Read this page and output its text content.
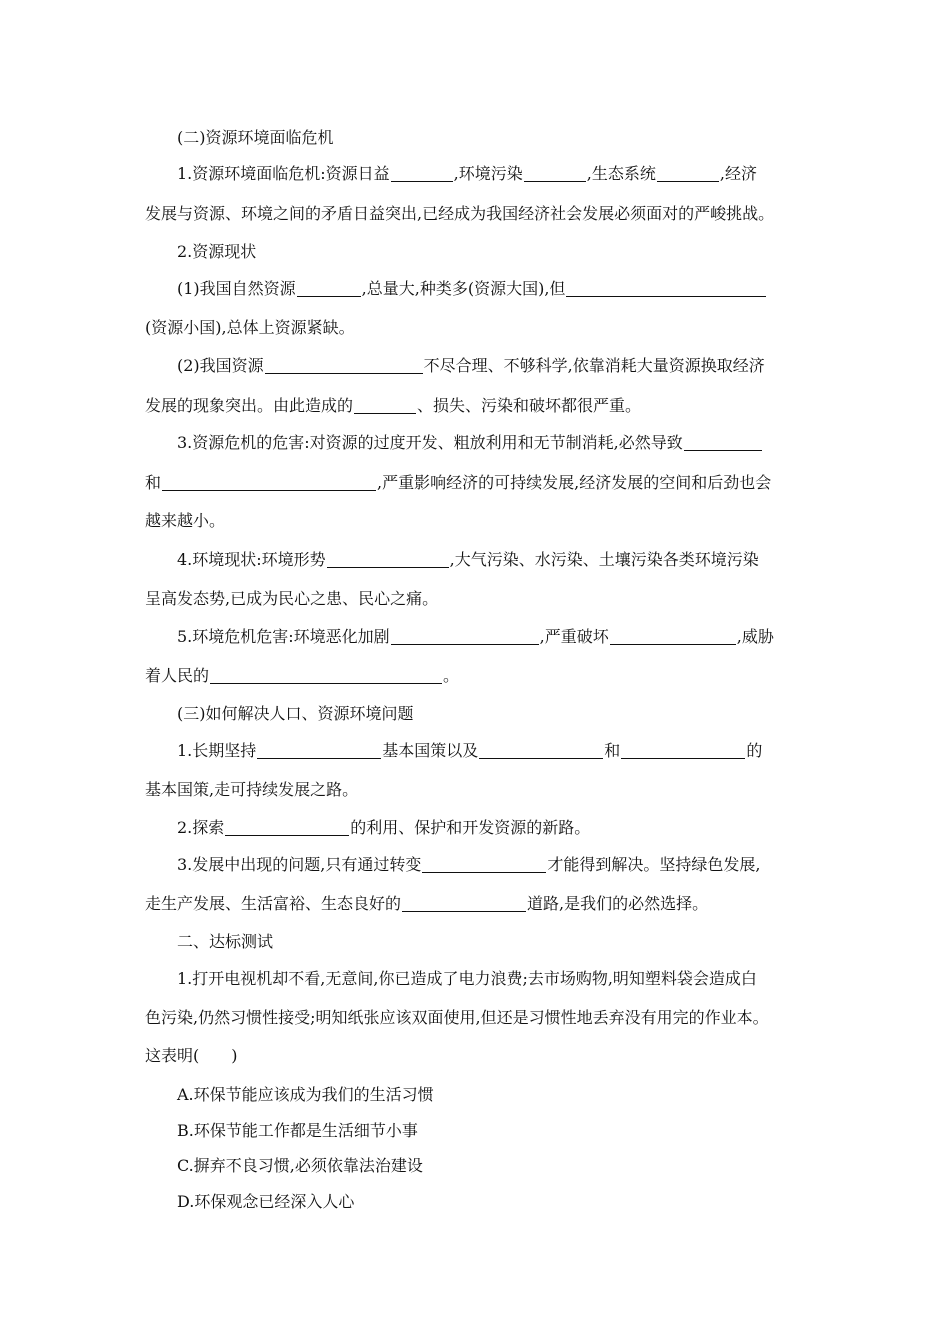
(二)资源环境面临危机
1.资源环境面临危机:资源日益	,环境污染	,生态系统	,经济
发展与资源、环境之间的矛盾日益突出,已经成为我国经济社会发展必须面对的严峻挑战。
2.资源现状
(1)我国自然资源	,总量大,种类多(资源大国),但
(资源小国),总体上资源紧缺。
(2)我国资源	不尽合理、不够科学,依靠消耗大量资源换取经济
发展的现象突出。由此造成的	、损失、污染和破坏都很严重。
3.资源危机的危害:对资源的过度开发、粗放利用和无节制消耗,必然导致
和	,严重影响经济的可持续发展,经济发展的空间和后劲也会
越来越小。
4.环境现状:环境形势	,大气污染、水污染、土壤污染各类环境污染
呈高发态势,已成为民心之患、民心之痛。
5.环境危机危害:环境恶化加剧	,严重破坏	,威胁
着人民的	。
(三)如何解决人口、资源环境问题
1.长期坚持	基本国策以及	和	的
基本国策,走可持续发展之路。
2.探索	的利用、保护和开发资源的新路。
3.发展中出现的问题,只有通过转变	才能得到解决。坚持绿色发展,
走生产发展、生活富裕、生态良好的	道路,是我们的必然选择。
二、达标测试
1.打开电视机却不看,无意间,你已造成了电力浪费;去市场购物,明知塑料袋会造成白
色污染,仍然习惯性接受;明知纸张应该双面使用,但还是习惯性地丢弃没有用完的作业本。
这表明(　　)
A.环保节能应该成为我们的生活习惯
B.环保节能工作都是生活细节小事
C.摒弃不良习惯,必须依靠法治建设
D.环保观念已经深入人心
